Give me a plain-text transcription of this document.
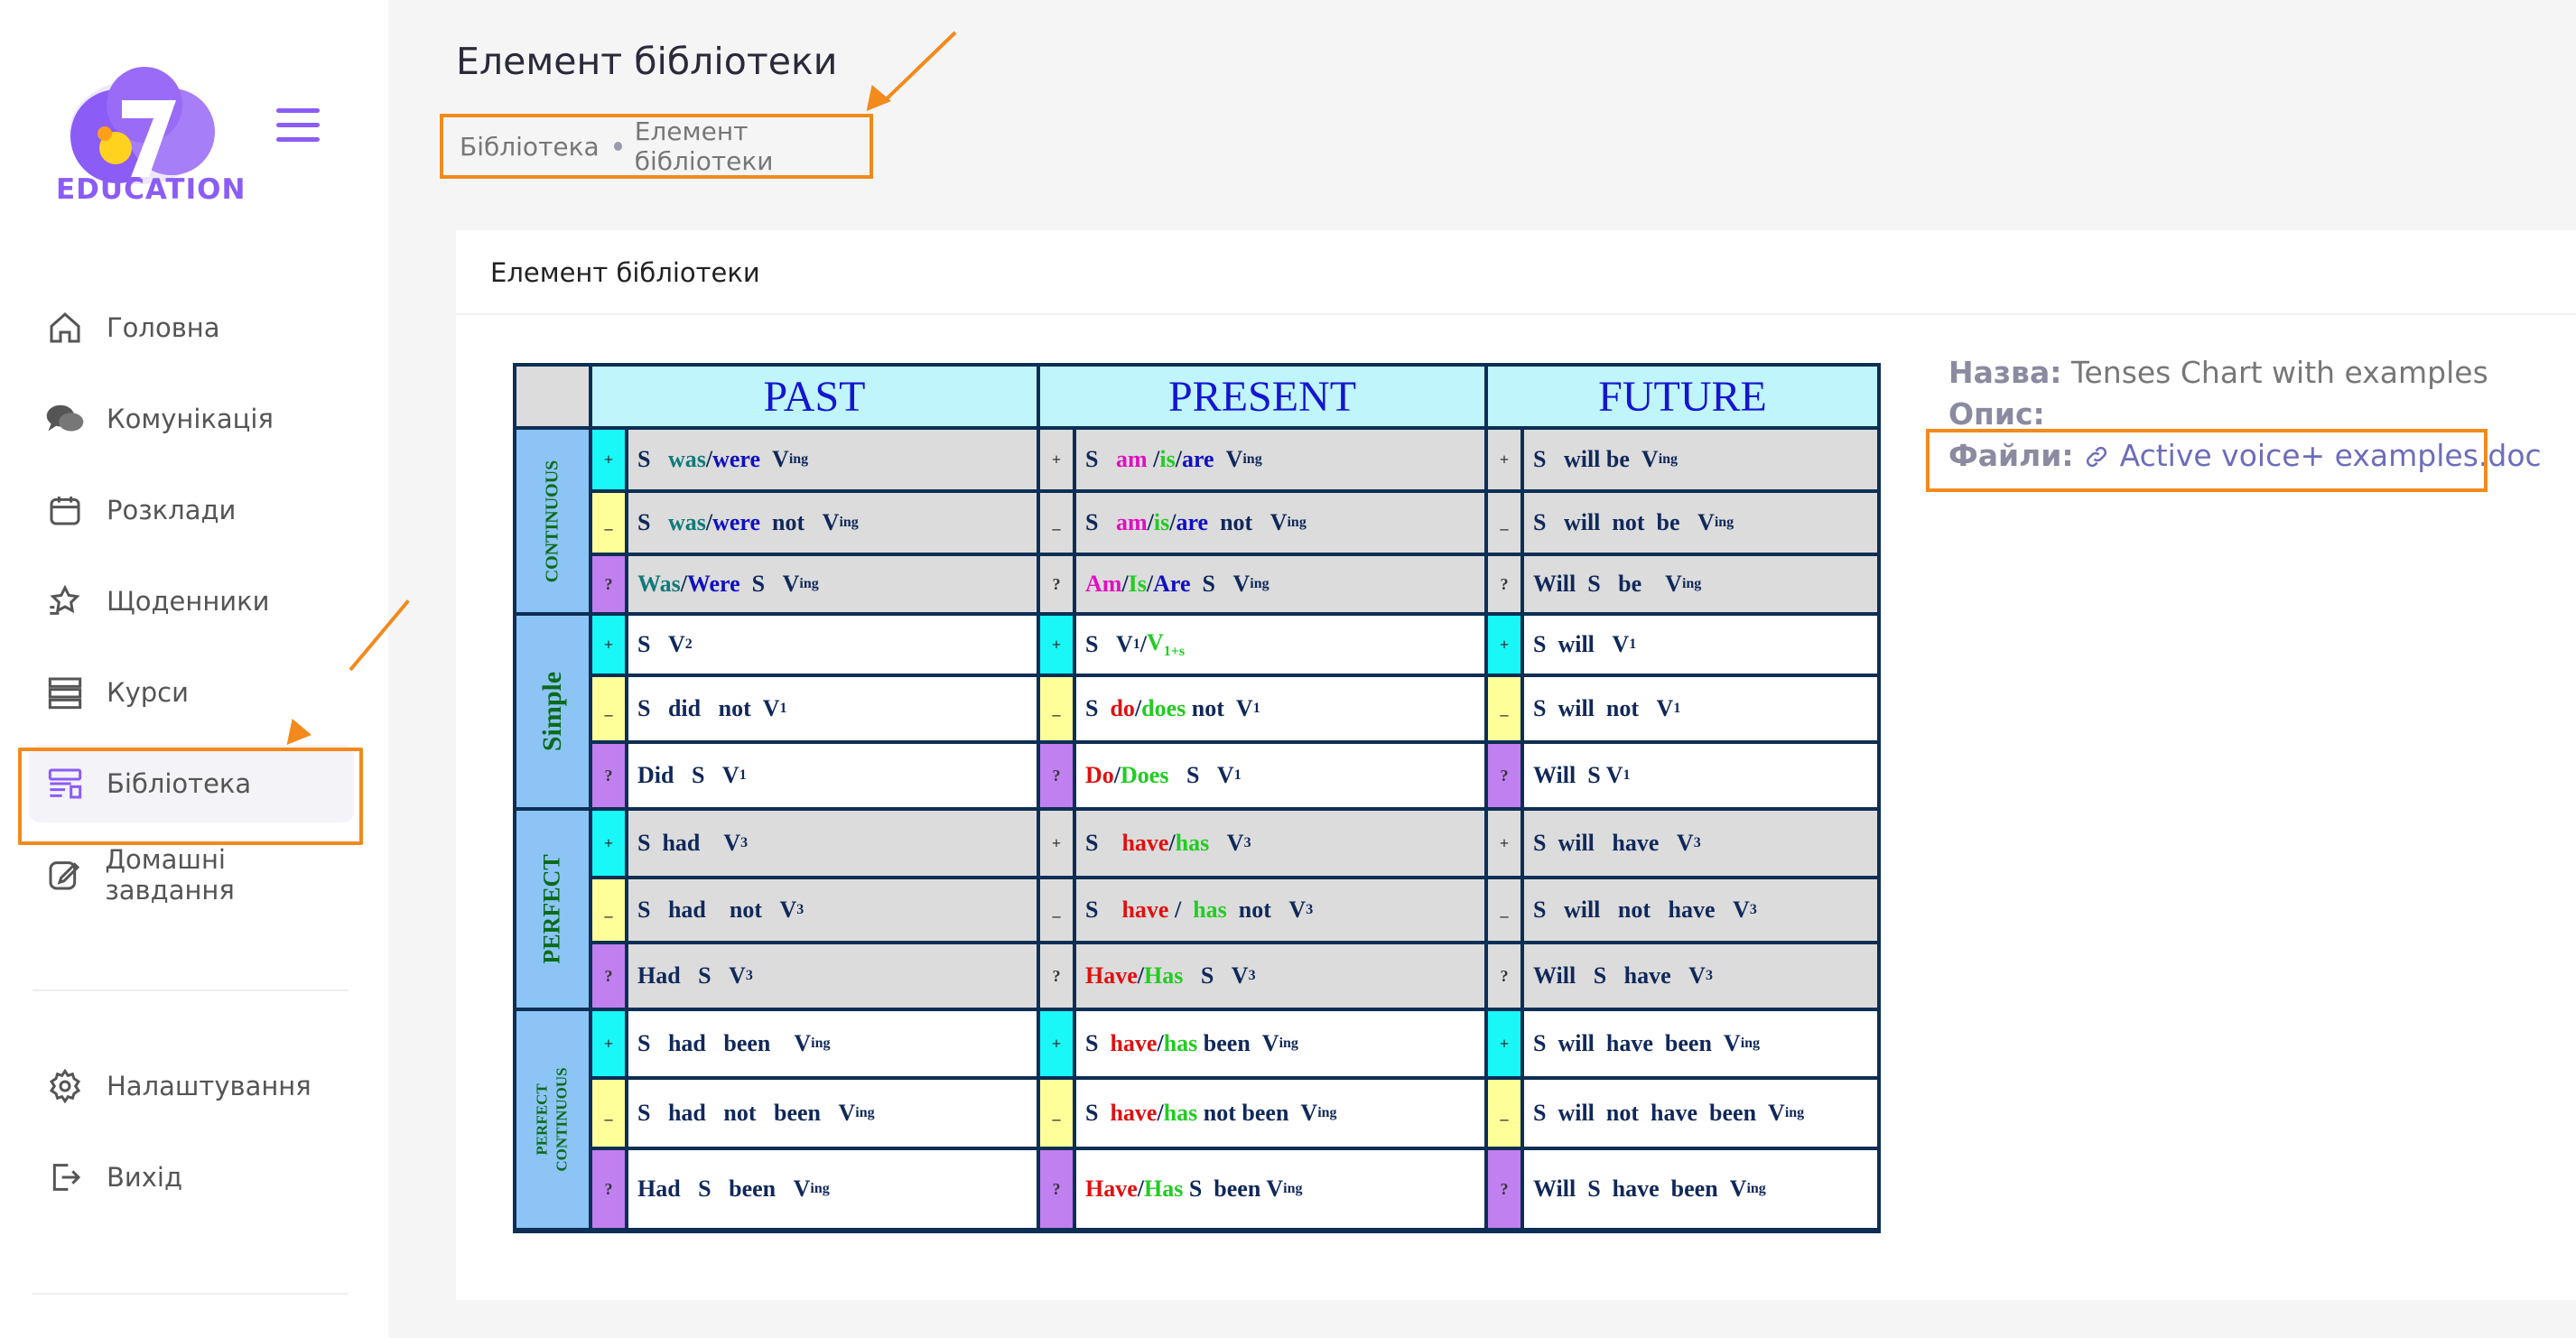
EDUCATION
Головна
Комунікація
Розклади
Щоденники
Курси
Бібліотека
Домашні завдання
Налаштування
Вихід
Елемент бібліотеки
Бібліотека Елемент бібліотеки
Елемент бібліотеки
PAST	PRESENT	FUTURE
CONTINUOUS
Simple
PERFECT
PERFECT CONTINUOUS
+	S was / were V ing	+	S am / is / are V ing	+	S   will be  V ing
_	S was / were not   V ing	_	S am / is / are not   V ing	_	S   will  not  be   V ing
?	Was / Were S   V ing	?	Am / Is / Are S   V ing	?	Will  S   be    V ing
+	S   V 2	+	S   V $1 / V_{1+s}$	+	S  will   V 1
_	S   did   not  V 1	_	S do / does not  V 1	_	S  will  not   V 1
?	Did   S   V 1	?	Do / Does S   V 1	?	Will  S V 1
+	S  had    V 3	+	S have / has V 3	+	S  will   have   V 3
_	S   had    not   V 3	_	S have / has not   V 3	_	S   will   not   have   V 3
?	Had   S   V 3	?	Have / Has S   V 3	?	Will   S   have   V 3
+	S   had   been    V ing	+	S have / has been  V ing	+	S  will  have  been  V ing
_	S   had   not   been   V ing	_	S have / has not been  V ing	_	S  will  not  have  been  V ing
?	Had   S   been   V ing	?	Have / Has S  been V ing	?	Will  S  have  been  V ing
Назва: Tenses Chart with examples
Опис:
Файли: Active voice+ examples.doc
